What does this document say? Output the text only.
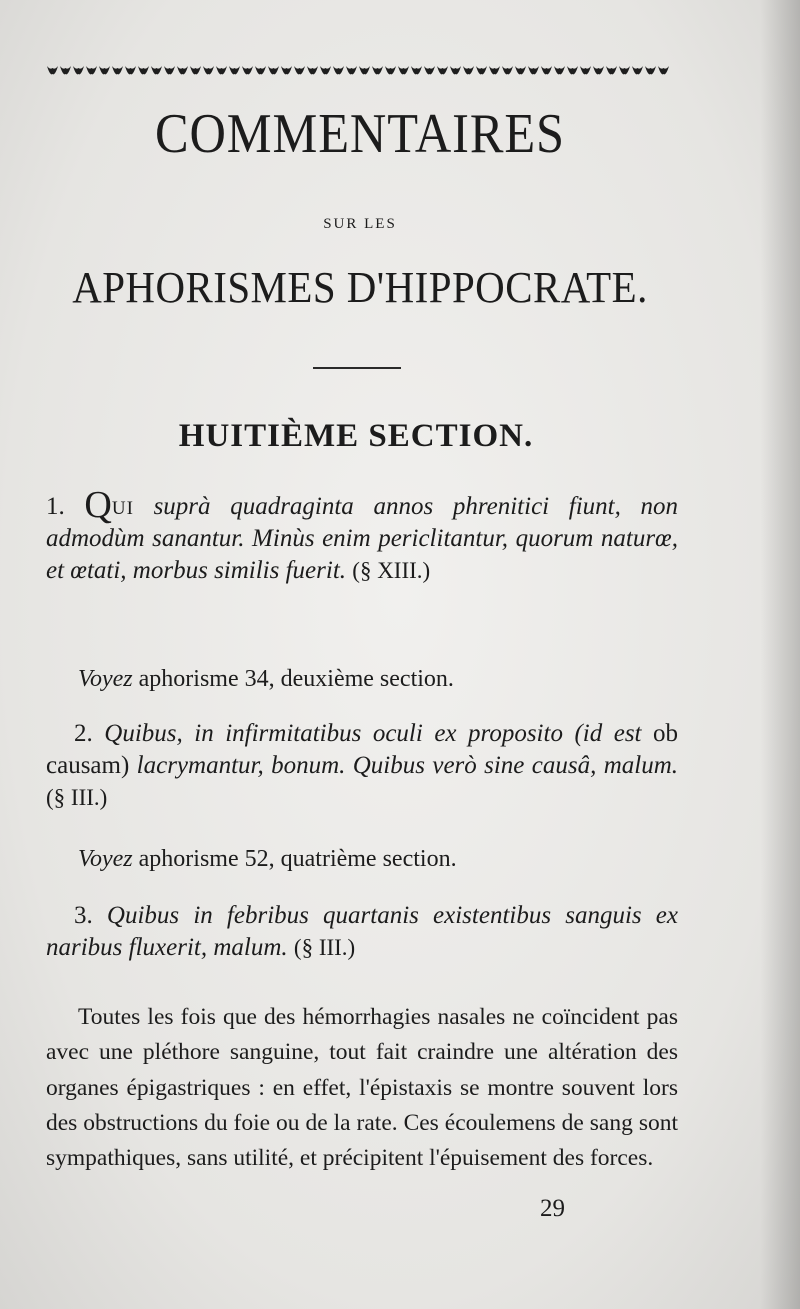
COMMENTAIRES

SUR LES

APHORISMES D'HIPPOCRATE.
HUITIÈME SECTION.

1. QUI suprà quadraginta annos phrenitici fiunt, non admodùm sanantur. Minùs enim periclitantur, quorum naturœ, et œtati, morbus similis fuerit. (§ XIII.)

Voyez aphorisme 34, deuxième section.

2. Quibus, in infirmitatibus oculi ex proposito (id est ob causam) lacrymantur, bonum. Quibus verò sine causâ, malum. (§ III.)

Voyez aphorisme 52, quatrième section.

3. Quibus in febribus quartanis existentibus sanguis ex naribus fluxerit, malum. (§ III.)

Toutes les fois que des hémorrhagies nasales ne coïncident pas avec une pléthore sanguine, tout fait craindre une altération des organes épigastriques : en effet, l'épistaxis se montre souvent lors des obstructions du foie ou de la rate. Ces écoulemens de sang sont sympathiques, sans utilité, et précipitent l'épuisement des forces.

29
